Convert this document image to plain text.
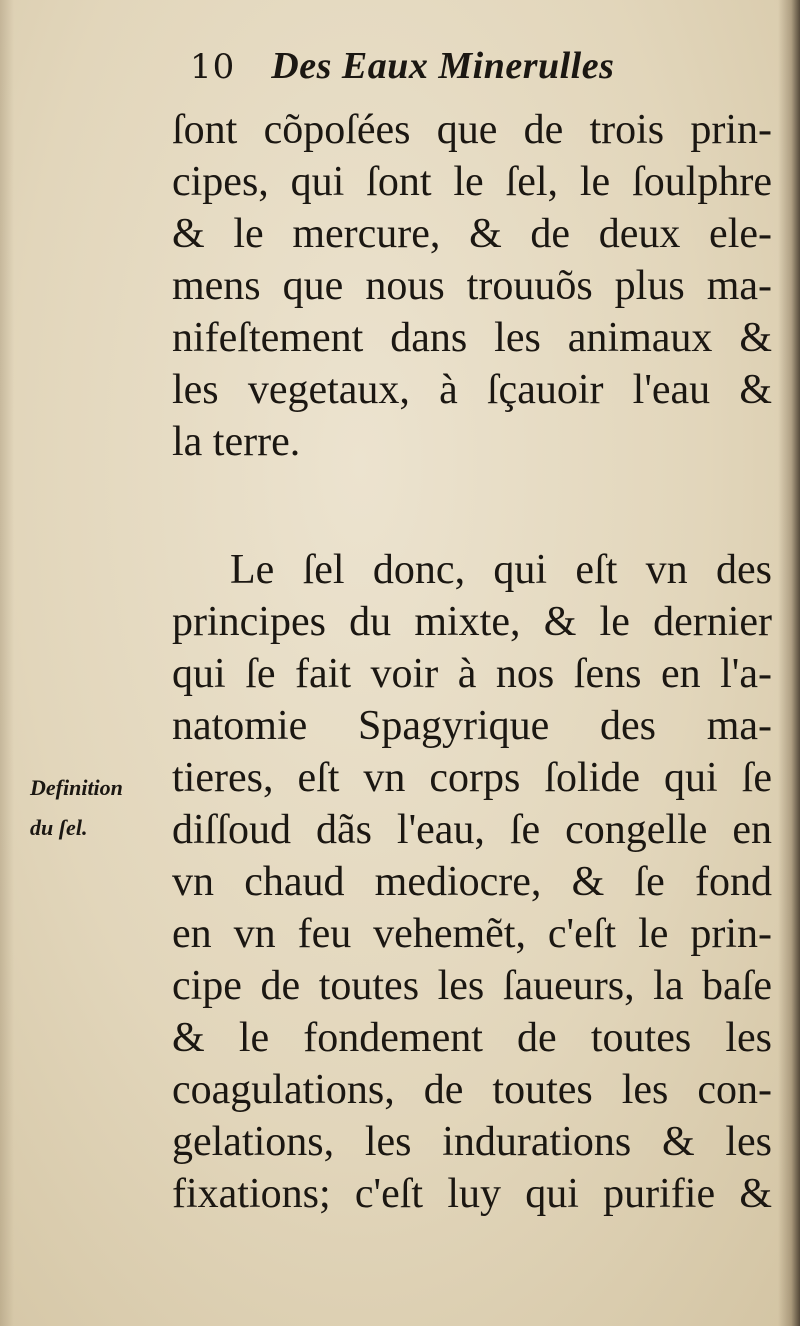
10 Des Eaux Minerulles
ſont cõpoſées que de trois prin-
cipes, qui ſont le ſel, le ſoulphre
& le mercure, & de deux ele-
mens que nous trouuõs plus ma-
nifeſtement dans les animaux &
les vegetaux, à ſçauoir l'eau &
la terre.
Le ſel donc, qui eſt vn des
principes du mixte, & le dernier
qui ſe fait voir à nos ſens en l'a-
natomie Spagyrique des ma-
tieres, eſt vn corps ſolide qui ſe
diſſoud dãs l'eau, ſe congelle en
vn chaud mediocre, & ſe fond
en vn feu vehemẽt, c'eſt le prin-
cipe de toutes les ſaueurs, la baſe
& le fondement de toutes les
coagulations, de toutes les con-
gelations, les indurations & les
fixations; c'eſt luy qui purifie &
Definition
du ſel.
